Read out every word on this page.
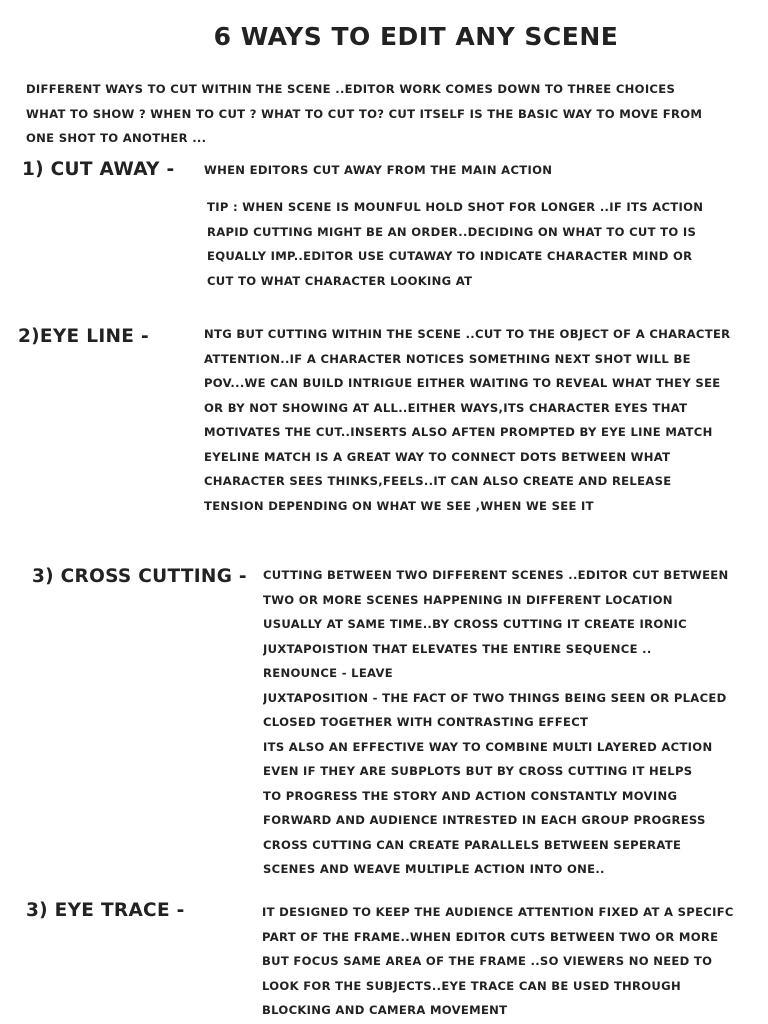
6 WAYS TO EDIT ANY SCENE
DIFFERENT WAYS TO CUT WITHIN THE SCENE ..EDITOR WORK COMES DOWN TO THREE CHOICES
WHAT TO SHOW ? WHEN TO CUT ? WHAT TO CUT TO? CUT ITSELF IS THE BASIC WAY TO MOVE FROM
ONE SHOT TO ANOTHER ...
1) CUT AWAY -	WHEN EDITORS CUT AWAY FROM THE MAIN ACTION
TIP : WHEN SCENE IS MOUNFUL HOLD SHOT FOR LONGER ..IF ITS ACTION
RAPID CUTTING MIGHT BE AN ORDER..DECIDING ON WHAT TO CUT TO IS
EQUALLY IMP..EDITOR USE CUTAWAY TO INDICATE CHARACTER MIND OR
CUT TO WHAT CHARACTER LOOKING AT
2)EYE LINE -	NTG BUT CUTTING WITHIN THE SCENE ..CUT TO THE OBJECT OF A CHARACTER
ATTENTION..IF A CHARACTER NOTICES SOMETHING NEXT SHOT WILL BE
POV...WE CAN BUILD INTRIGUE EITHER WAITING TO REVEAL WHAT THEY SEE
OR BY NOT SHOWING AT ALL..EITHER WAYS,ITS CHARACTER EYES THAT
MOTIVATES THE CUT..INSERTS ALSO AFTEN PROMPTED BY EYE LINE MATCH
EYELINE MATCH IS A GREAT WAY TO CONNECT DOTS BETWEEN WHAT
CHARACTER SEES THINKS,FEELS..IT CAN ALSO CREATE AND RELEASE
TENSION DEPENDING ON WHAT WE SEE ,WHEN WE SEE IT
3) CROSS CUTTING - CUTTING BETWEEN TWO DIFFERENT SCENES ..EDITOR CUT BETWEEN
TWO OR MORE SCENES HAPPENING IN DIFFERENT LOCATION
USUALLY AT SAME TIME..BY CROSS CUTTING IT CREATE IRONIC
JUXTAPOISTION THAT ELEVATES THE ENTIRE SEQUENCE ..
RENOUNCE - LEAVE
JUXTAPOSITION - THE FACT OF TWO THINGS BEING SEEN OR PLACED
CLOSED TOGETHER WITH CONTRASTING EFFECT
ITS ALSO AN EFFECTIVE WAY TO COMBINE MULTI LAYERED ACTION
EVEN IF THEY ARE SUBPLOTS BUT BY CROSS CUTTING IT HELPS
TO PROGRESS THE STORY AND ACTION CONSTANTLY MOVING
FORWARD AND AUDIENCE INTRESTED IN EACH GROUP PROGRESS
CROSS CUTTING CAN CREATE PARALLELS BETWEEN SEPERATE
SCENES AND WEAVE MULTIPLE ACTION INTO ONE..
3) EYE TRACE -	IT DESIGNED TO KEEP THE AUDIENCE ATTENTION FIXED AT A SPECIFC
PART OF THE FRAME..WHEN EDITOR CUTS BETWEEN TWO OR MORE
BUT FOCUS SAME AREA OF THE FRAME ..SO VIEWERS NO NEED TO
LOOK FOR THE SUBJECTS..EYE TRACE CAN BE USED THROUGH
BLOCKING AND CAMERA MOVEMENT
